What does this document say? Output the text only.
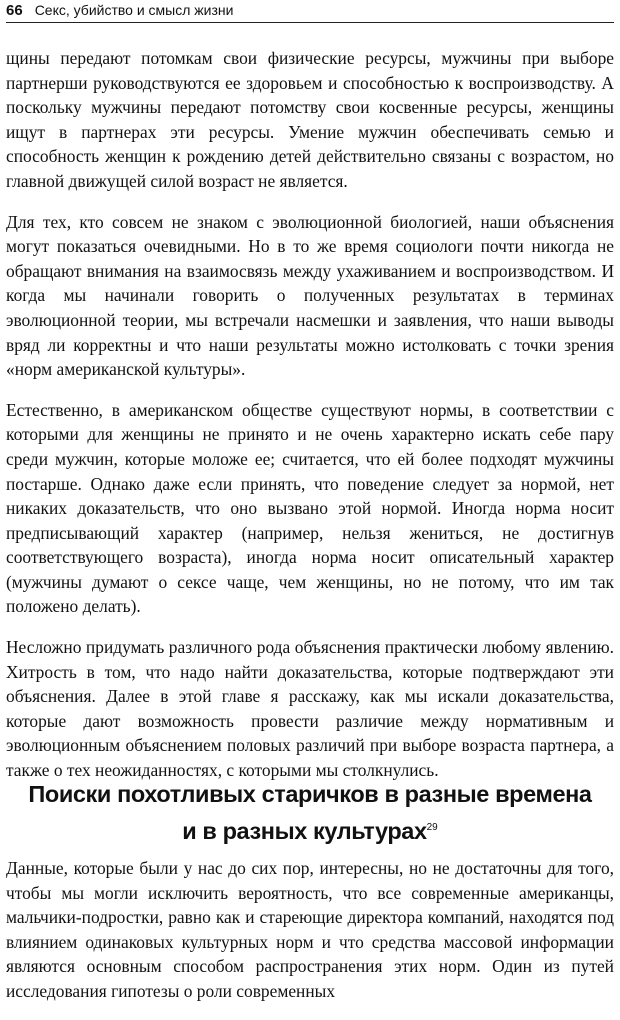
66 Секс, убийство и смысл жизни

щины передают потомкам свои физические ресурсы, мужчины при выборе партнерши руководствуются ее здоровьем и способностью к воспроизводству. А поскольку мужчины передают потомству свои косвенные ресурсы, женщины ищут в партнерах эти ресурсы. Умение мужчин обеспечивать семью и способность женщин к рождению детей действительно связаны с возрастом, но главной движущей силой возраст не является.

Для тех, кто совсем не знаком с эволюционной биологией, наши объяснения могут показаться очевидными. Но в то же время социологи почти никогда не обращают внимания на взаимосвязь между ухаживанием и воспроизводством. И когда мы начинали говорить о полученных результатах в терминах эволюционной теории, мы встречали насмешки и заявления, что наши выводы вряд ли корректны и что наши результаты можно истолковать с точки зрения «норм американской культуры».

Естественно, в американском обществе существуют нормы, в соответствии с которыми для женщины не принято и не очень характерно искать себе пару среди мужчин, которые моложе ее; считается, что ей более подходят мужчины постарше. Однако даже если принять, что поведение следует за нормой, нет никаких доказательств, что оно вызвано этой нормой. Иногда норма носит предписывающий характер (например, нельзя жениться, не достигнув соответствующего возраста), иногда норма носит описательный характер (мужчины думают о сексе чаще, чем женщины, но не потому, что им так положено делать).

Несложно придумать различного рода объяснения практически любому явлению. Хитрость в том, что надо найти доказательства, которые подтверждают эти объяснения. Далее в этой главе я расскажу, как мы искали доказательства, которые дают возможность провести различие между нормативным и эволюционным объяснением половых различий при выборе возраста партнера, а также о тех неожиданностях, с которыми мы столкнулись.

Поиски похотливых старичков в разные времена
и в разных культурах$^{29}$

Данные, которые были у нас до сих пор, интересны, но не достаточны для того, чтобы мы могли исключить вероятность, что все современные американцы, мальчики-подростки, равно как и стареющие директора компаний, находятся под влиянием одинаковых культурных норм и что средства массовой информации являются основным способом распространения этих норм. Один из путей исследования гипотезы о роли современных
